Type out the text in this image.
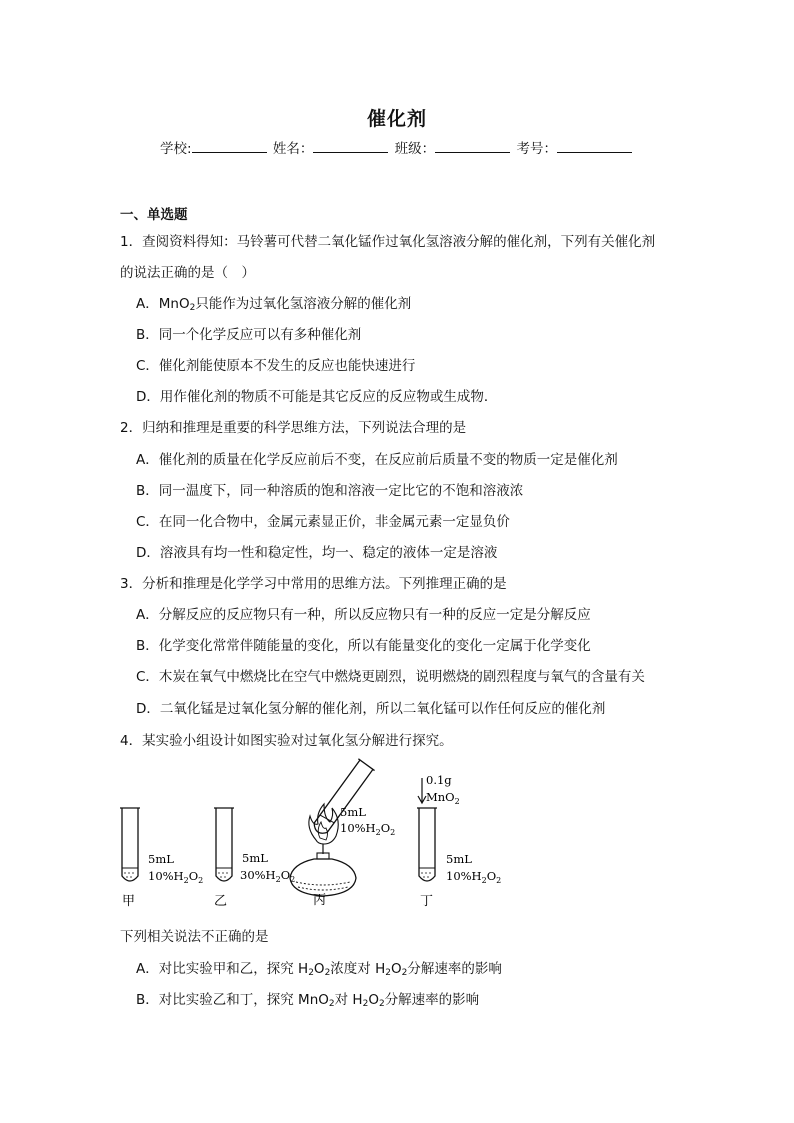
催化剂
学校:	姓名：	班级：	考号：
一、单选题
1．查阅资料得知：马铃薯可代替二氧化锰作过氧化氢溶液分解的催化剂，下列有关催化剂
的说法正确的是（　）
A．MnO$_2$只能作为过氧化氢溶液分解的催化剂
B．同一个化学反应可以有多种催化剂
C．催化剂能使原本不发生的反应也能快速进行
D．用作催化剂的物质不可能是其它反应的反应物或生成物．
2．归纳和推理是重要的科学思维方法，下列说法合理的是
A．催化剂的质量在化学反应前后不变，在反应前后质量不变的物质一定是催化剂
B．同一温度下，同一种溶质的饱和溶液一定比它的不饱和溶液浓
C．在同一化合物中，金属元素显正价，非金属元素一定显负价
D．溶液具有均一性和稳定性，均一、稳定的液体一定是溶液
3．分析和推理是化学学习中常用的思维方法。下列推理正确的是
A．分解反应的反应物只有一种，所以反应物只有一种的反应一定是分解反应
B．化学变化常常伴随能量的变化，所以有能量变化的变化一定属于化学变化
C．木炭在氧气中燃烧比在空气中燃烧更剧烈，说明燃烧的剧烈程度与氧气的含量有关
D．二氧化锰是过氧化氢分解的催化剂，所以二氧化锰可以作任何反应的催化剂
4．某实验小组设计如图实验对过氧化氢分解进行探究。
5mL
$10\%H_2O_2$
甲
5mL
$30\%H_2O_2$
乙
5mL
$10\%H_2O_2$
丙
0.1g
MnO$_2$
5mL
$10\%H_2O_2$
丁
下列相关说法不正确的是
A．对比实验甲和乙，探究 $H_2O_2$浓度对 $H_2O_2$分解速率的影响
B．对比实验乙和丁，探究 MnO$_2$对 $H_2O_2$分解速率的影响
